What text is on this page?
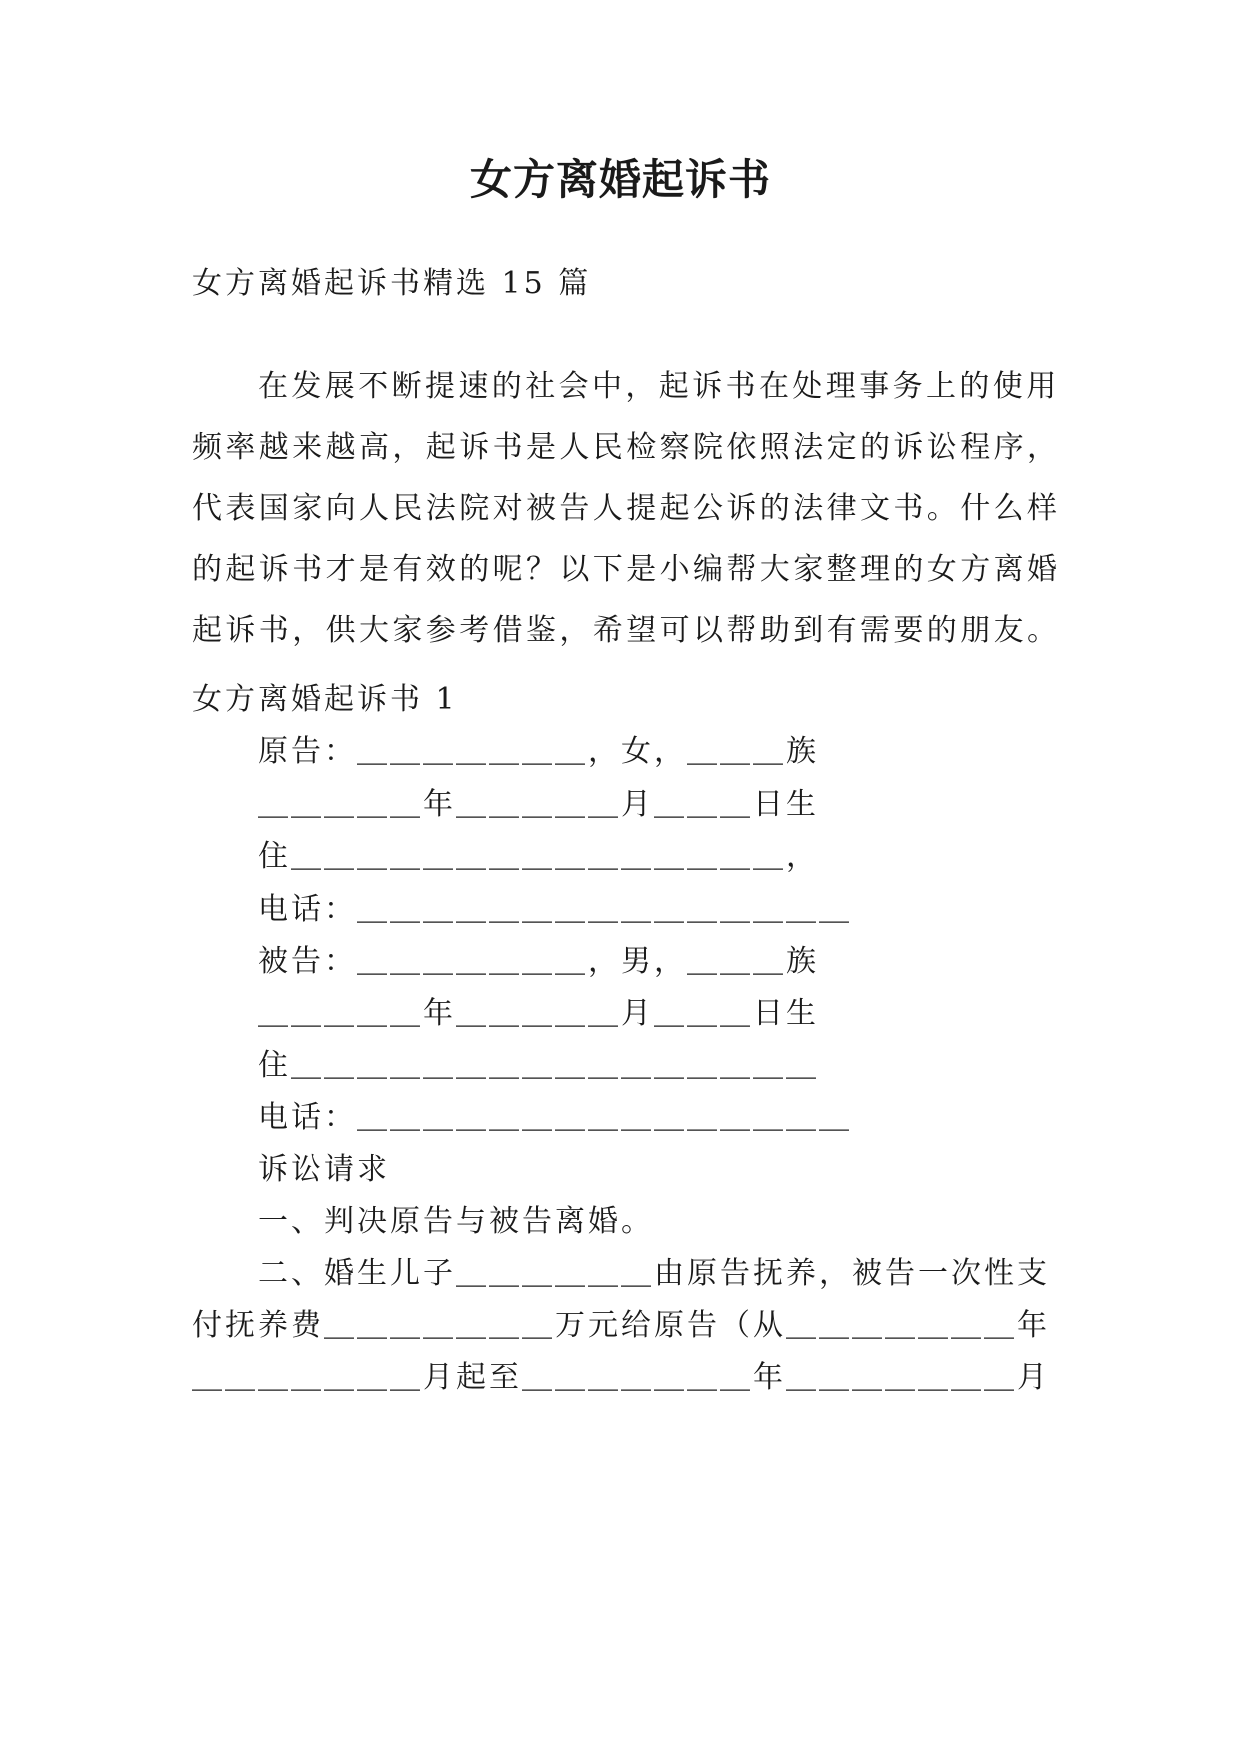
女方离婚起诉书

女方离婚起诉书精选 15 篇

在发展不断提速的社会中，起诉书在处理事务上的使用频率越来越高，起诉书是人民检察院依照法定的诉讼程序，代表国家向人民法院对被告人提起公诉的法律文书。什么样的起诉书才是有效的呢？以下是小编帮大家整理的女方离婚起诉书，供大家参考借鉴，希望可以帮助到有需要的朋友。

女方离婚起诉书 1

原告：＿＿＿＿＿＿＿，女，＿＿＿族

＿＿＿＿＿年＿＿＿＿＿月＿＿＿日生

住＿＿＿＿＿＿＿＿＿＿＿＿＿＿＿，

电话：＿＿＿＿＿＿＿＿＿＿＿＿＿＿＿

被告：＿＿＿＿＿＿＿，男，＿＿＿族

＿＿＿＿＿年＿＿＿＿＿月＿＿＿日生

住＿＿＿＿＿＿＿＿＿＿＿＿＿＿＿＿

电话：＿＿＿＿＿＿＿＿＿＿＿＿＿＿＿

诉讼请求

一、判决原告与被告离婚。

二、婚生儿子＿＿＿＿＿＿由原告抚养，被告一次性支

付抚养费＿＿＿＿＿＿＿万元给原告（从＿＿＿＿＿＿＿年

＿＿＿＿＿＿＿月起至＿＿＿＿＿＿＿年＿＿＿＿＿＿＿月
